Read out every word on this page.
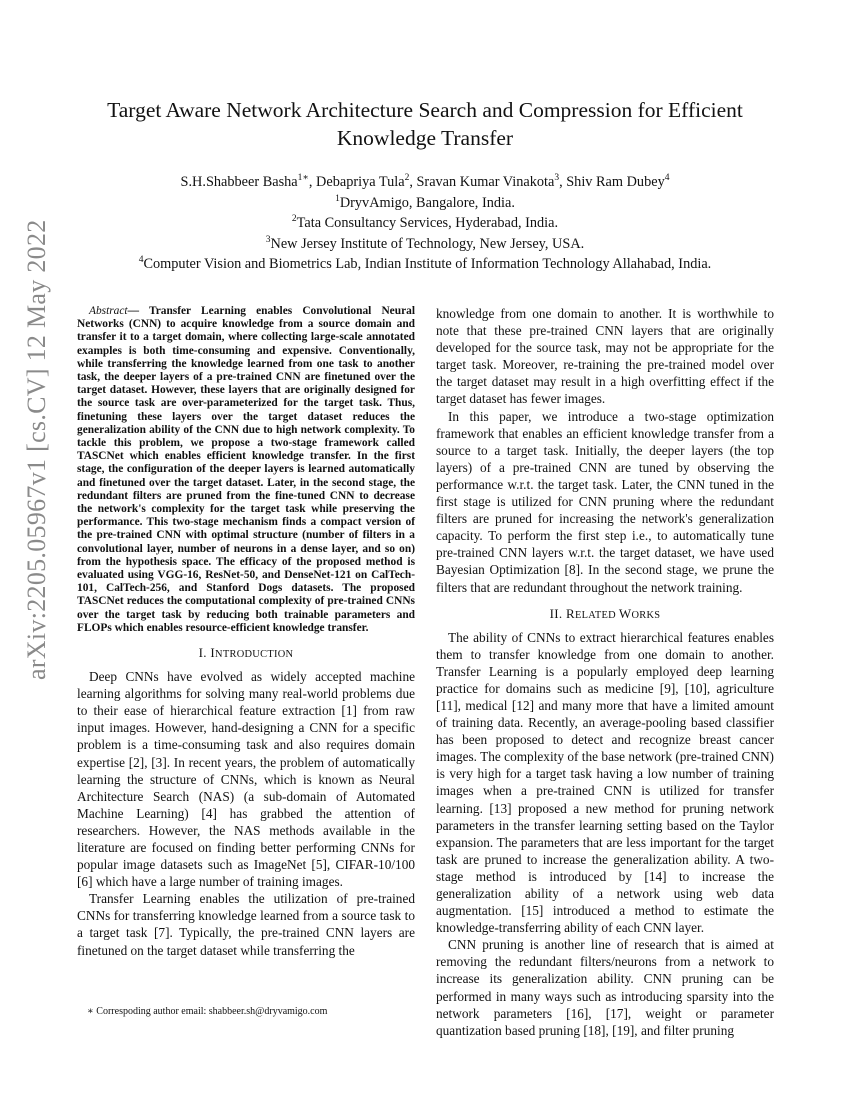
arXiv:2205.05967v1 [cs.CV] 12 May 2022
Target Aware Network Architecture Search and Compression for Efficient
Knowledge Transfer
S.H.Shabbeer Basha$^{1∗}$, Debapriya Tula$^2$, Sravan Kumar Vinakota$^3$, Shiv Ram Dubey$^4$
$^1$DryvAmigo, Bangalore, India.
$^2$Tata Consultancy Services, Hyderabad, India.
$^3$New Jersey Institute of Technology, New Jersey, USA.
$^4$Computer Vision and Biometrics Lab, Indian Institute of Information Technology Allahabad, India.

Abstract— Transfer Learning enables Convolutional Neural Networks (CNN) to acquire knowledge from a source domain and transfer it to a target domain, where collecting large-scale annotated examples is both time-consuming and expensive. Conventionally, while transferring the knowledge learned from one task to another task, the deeper layers of a pre-trained CNN are finetuned over the target dataset. However, these layers that are originally designed for the source task are over-parameterized for the target task. Thus, finetuning these layers over the target dataset reduces the generalization ability of the CNN due to high network complexity. To tackle this problem, we propose a two-stage framework called TASCNet which enables efficient knowledge transfer. In the first stage, the configuration of the deeper layers is learned automatically and finetuned over the target dataset. Later, in the second stage, the redundant filters are pruned from the fine-tuned CNN to decrease the network's complexity for the target task while preserving the performance. This two-stage mechanism finds a compact version of the pre-trained CNN with optimal structure (number of filters in a convolutional layer, number of neurons in a dense layer, and so on) from the hypothesis space. The efficacy of the proposed method is evaluated using VGG-16, ResNet-50, and DenseNet-121 on CalTech-101, CalTech-256, and Stanford Dogs datasets. The proposed TASCNet reduces the computational complexity of pre-trained CNNs over the target task by reducing both trainable parameters and FLOPs which enables resource-efficient knowledge transfer.

I. INTRODUCTION

Deep CNNs have evolved as widely accepted machine learning algorithms for solving many real-world problems due to their ease of hierarchical feature extraction [1] from raw input images. However, hand-designing a CNN for a specific problem is a time-consuming task and also requires domain expertise [2], [3]. In recent years, the problem of automatically learning the structure of CNNs, which is known as Neural Architecture Search (NAS) (a sub-domain of Automated Machine Learning) [4] has grabbed the attention of researchers. However, the NAS methods available in the literature are focused on finding better performing CNNs for popular image datasets such as ImageNet [5], CIFAR-10/100 [6] which have a large number of training images.

Transfer Learning enables the utilization of pre-trained CNNs for transferring knowledge learned from a source task to a target task [7]. Typically, the pre-trained CNN layers are finetuned on the target dataset while transferring the

knowledge from one domain to another. It is worthwhile to note that these pre-trained CNN layers that are originally developed for the source task, may not be appropriate for the target task. Moreover, re-training the pre-trained model over the target dataset may result in a high overfitting effect if the target dataset has fewer images.

In this paper, we introduce a two-stage optimization framework that enables an efficient knowledge transfer from a source to a target task. Initially, the deeper layers (the top layers) of a pre-trained CNN are tuned by observing the performance w.r.t. the target task. Later, the CNN tuned in the first stage is utilized for CNN pruning where the redundant filters are pruned for increasing the network's generalization capacity. To perform the first step i.e., to automatically tune pre-trained CNN layers w.r.t. the target dataset, we have used Bayesian Optimization [8]. In the second stage, we prune the filters that are redundant throughout the network training.

II. RELATED WORKS

The ability of CNNs to extract hierarchical features enables them to transfer knowledge from one domain to another. Transfer Learning is a popularly employed deep learning practice for domains such as medicine [9], [10], agriculture [11], medical [12] and many more that have a limited amount of training data. Recently, an average-pooling based classifier has been proposed to detect and recognize breast cancer images. The complexity of the base network (pre-trained CNN) is very high for a target task having a low number of training images when a pre-trained CNN is utilized for transfer learning. [13] proposed a new method for pruning network parameters in the transfer learning setting based on the Taylor expansion. The parameters that are less important for the target task are pruned to increase the generalization ability. A two-stage method is introduced by [14] to increase the generalization ability of a network using web data augmentation. [15] introduced a method to estimate the knowledge-transferring ability of each CNN layer.

CNN pruning is another line of research that is aimed at removing the redundant filters/neurons from a network to increase its generalization ability. CNN pruning can be performed in many ways such as introducing sparsity into the network parameters [16], [17], weight or parameter quantization based pruning [18], [19], and filter pruning

∗ Correspoding author email: shabbeer.sh@dryvamigo.com
